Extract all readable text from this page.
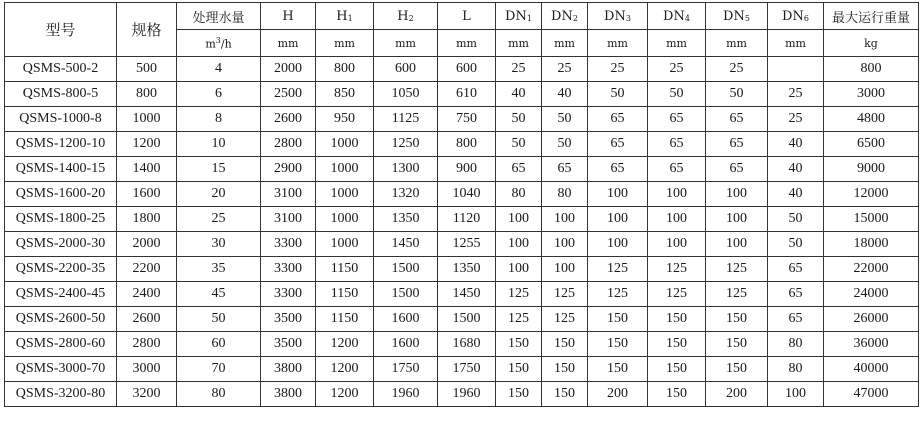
型号	规格	处理水量	H	$H_1$	$H_2$	L	$DN_1$	$DN_2$	$DN_3$	$DN_4$	$DN_5$	$DN_6$	最大运行重量
		$m^3/h$	mm	mm	mm	mm	mm	mm	mm	mm	mm	mm	kg
QSMS-500-2	500	4	2000	800	600	600	25	25	25	25	25		800
QSMS-800-5	800	6	2500	850	1050	610	40	40	50	50	50	25	3000
QSMS-1000-8	1000	8	2600	950	1125	750	50	50	65	65	65	25	4800
QSMS-1200-10	1200	10	2800	1000	1250	800	50	50	65	65	65	40	6500
QSMS-1400-15	1400	15	2900	1000	1300	900	65	65	65	65	65	40	9000
QSMS-1600-20	1600	20	3100	1000	1320	1040	80	80	100	100	100	40	12000
QSMS-1800-25	1800	25	3100	1000	1350	1120	100	100	100	100	100	50	15000
QSMS-2000-30	2000	30	3300	1000	1450	1255	100	100	100	100	100	50	18000
QSMS-2200-35	2200	35	3300	1150	1500	1350	100	100	125	125	125	65	22000
QSMS-2400-45	2400	45	3300	1150	1500	1450	125	125	125	125	125	65	24000
QSMS-2600-50	2600	50	3500	1150	1600	1500	125	125	150	150	150	65	26000
QSMS-2800-60	2800	60	3500	1200	1600	1680	150	150	150	150	150	80	36000
QSMS-3000-70	3000	70	3800	1200	1750	1750	150	150	150	150	150	80	40000
QSMS-3200-80	3200	80	3800	1200	1960	1960	150	150	200	150	200	100	47000
